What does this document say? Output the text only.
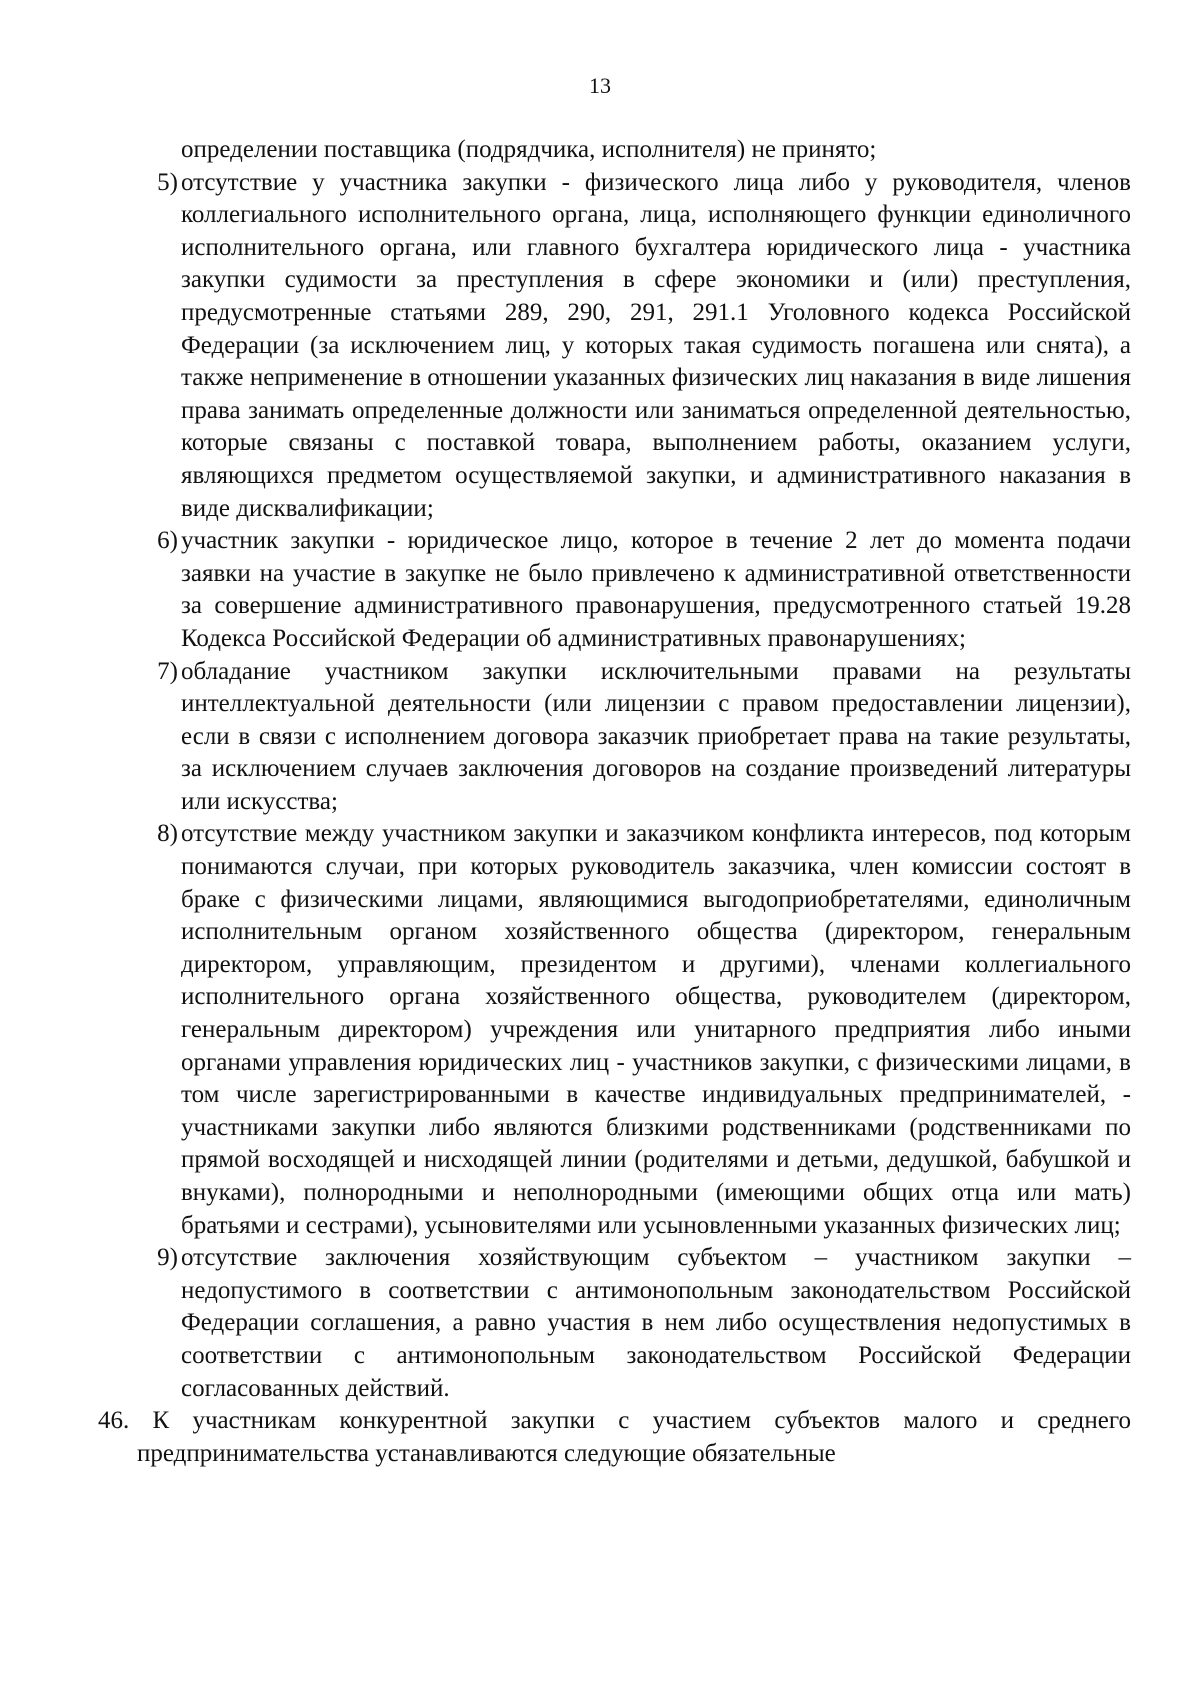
13
определении поставщика (подрядчика, исполнителя) не принято;
5) отсутствие у участника закупки - физического лица либо у руководителя, членов коллегиального исполнительного органа, лица, исполняющего функции единоличного исполнительного органа, или главного бухгалтера юридического лица - участника закупки судимости за преступления в сфере экономики и (или) преступления, предусмотренные статьями 289, 290, 291, 291.1 Уголовного кодекса Российской Федерации (за исключением лиц, у которых такая судимость погашена или снята), а также неприменение в отношении указанных физических лиц наказания в виде лишения права занимать определенные должности или заниматься определенной деятельностью, которые связаны с поставкой товара, выполнением работы, оказанием услуги, являющихся предметом осуществляемой закупки, и административного наказания в виде дисквалификации;
6) участник закупки - юридическое лицо, которое в течение 2 лет до момента подачи заявки на участие в закупке не было привлечено к административной ответственности за совершение административного правонарушения, предусмотренного статьей 19.28 Кодекса Российской Федерации об административных правонарушениях;
7) обладание участником закупки исключительными правами на результаты интеллектуальной деятельности (или лицензии с правом предоставлении лицензии), если в связи с исполнением договора заказчик приобретает права на такие результаты, за исключением случаев заключения договоров на создание произведений литературы или искусства;
8) отсутствие между участником закупки и заказчиком конфликта интересов, под которым понимаются случаи, при которых руководитель заказчика, член комиссии состоят в браке с физическими лицами, являющимися выгодоприобретателями, единоличным исполнительным органом хозяйственного общества (директором, генеральным директором, управляющим, президентом и другими), членами коллегиального исполнительного органа хозяйственного общества, руководителем (директором, генеральным директором) учреждения или унитарного предприятия либо иными органами управления юридических лиц - участников закупки, с физическими лицами, в том числе зарегистрированными в качестве индивидуальных предпринимателей, - участниками закупки либо являются близкими родственниками (родственниками по прямой восходящей и нисходящей линии (родителями и детьми, дедушкой, бабушкой и внуками), полнородными и неполнородными (имеющими общих отца или мать) братьями и сестрами), усыновителями или усыновленными указанных физических лиц;
9) отсутствие заключения хозяйствующим субъектом – участником закупки – недопустимого в соответствии с антимонопольным законодательством Российской Федерации соглашения, а равно участия в нем либо осуществления недопустимых в соответствии с антимонопольным законодательством Российской Федерации согласованных действий.
46. К участникам конкурентной закупки с участием субъектов малого и среднего предпринимательства устанавливаются следующие обязательные
